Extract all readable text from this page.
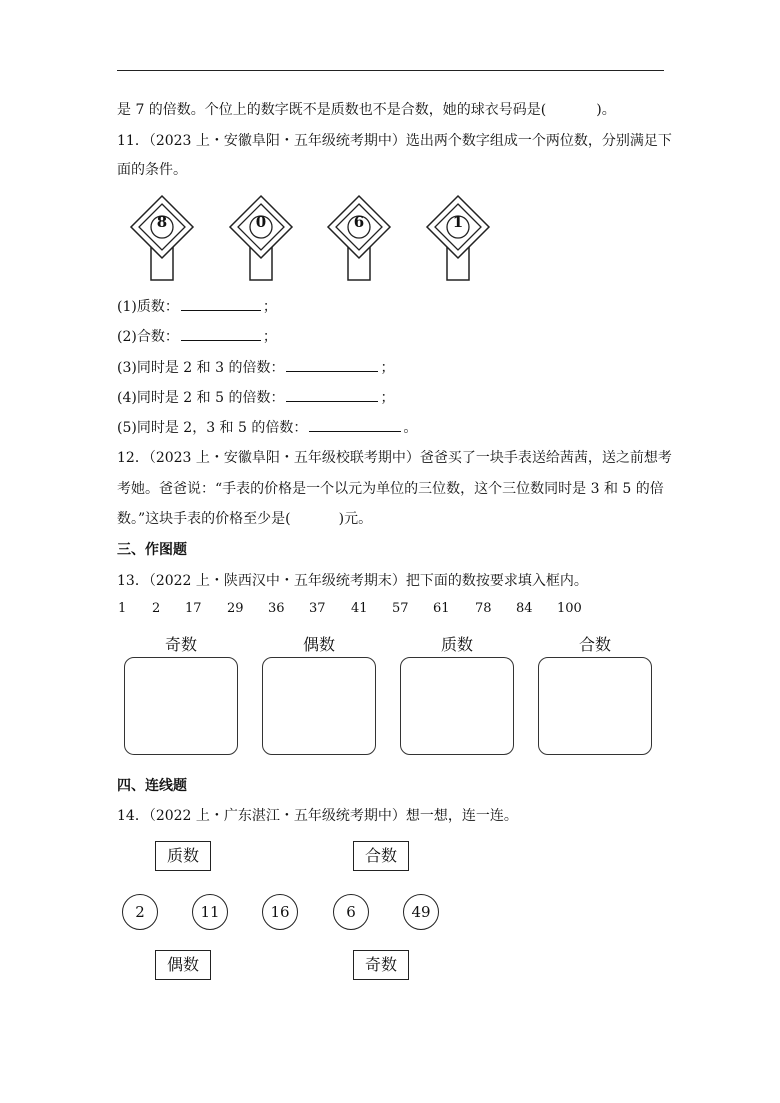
是 7 的倍数。个位上的数字既不是质数也不是合数，她的球衣号码是(	)。
11．（2023 上・安徽阜阳・五年级统考期中）选出两个数字组成一个两位数，分别满足下
面的条件。
8	0	6	1
(1)质数：	；
(2)合数：	；
(3)同时是 2 和 3 的倍数：	；
(4)同时是 2 和 5 的倍数：	；
(5)同时是 2，3 和 5 的倍数：	。
12．（2023 上・安徽阜阳・五年级校联考期中）爸爸买了一块手表送给茜茜，送之前想考
考她。爸爸说：“手表的价格是一个以元为单位的三位数，这个三位数同时是 3 和 5 的倍
数。”这块手表的价格至少是(	)元。
三、作图题
13．（2022 上・陕西汉中・五年级统考期末）把下面的数按要求填入框内。
1 2 17 29 36 37 41 57 61 78 84 100
奇数	偶数	质数	合数
四、连线题
14．（2022 上・广东湛江・五年级统考期中）想一想，连一连。
质数	合数
2	11	16	6	49
偶数	奇数
